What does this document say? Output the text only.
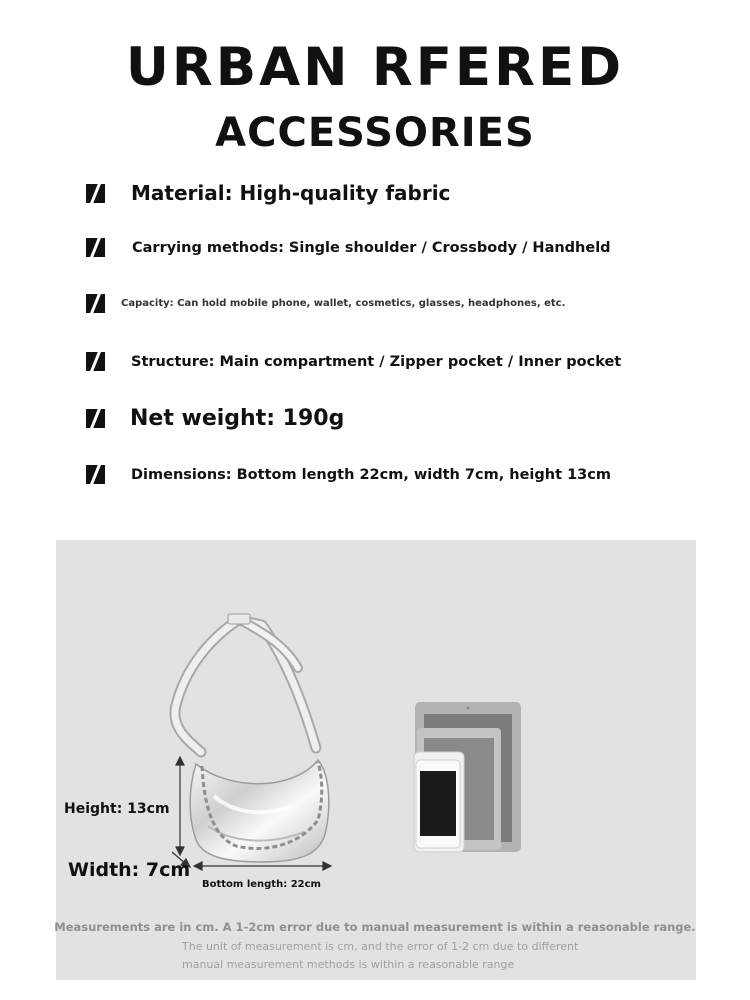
URBAN RFERED
ACCESSORIES
Material: High-quality fabric
Carrying methods: Single shoulder / Crossbody / Handheld
Capacity: Can hold mobile phone, wallet, cosmetics, glasses, headphones, etc.
Structure: Main compartment / Zipper pocket / Inner pocket
Net weight: 190g
Dimensions: Bottom length 22cm, width 7cm, height 13cm
Height: 13cm
Width: 7cm
Bottom length: 22cm
Measurements are in cm. A 1-2cm error due to manual measurement is within a reasonable range.
The unit of measurement is cm, and the error of 1-2 cm due to different manual measurement methods is within a reasonable range
